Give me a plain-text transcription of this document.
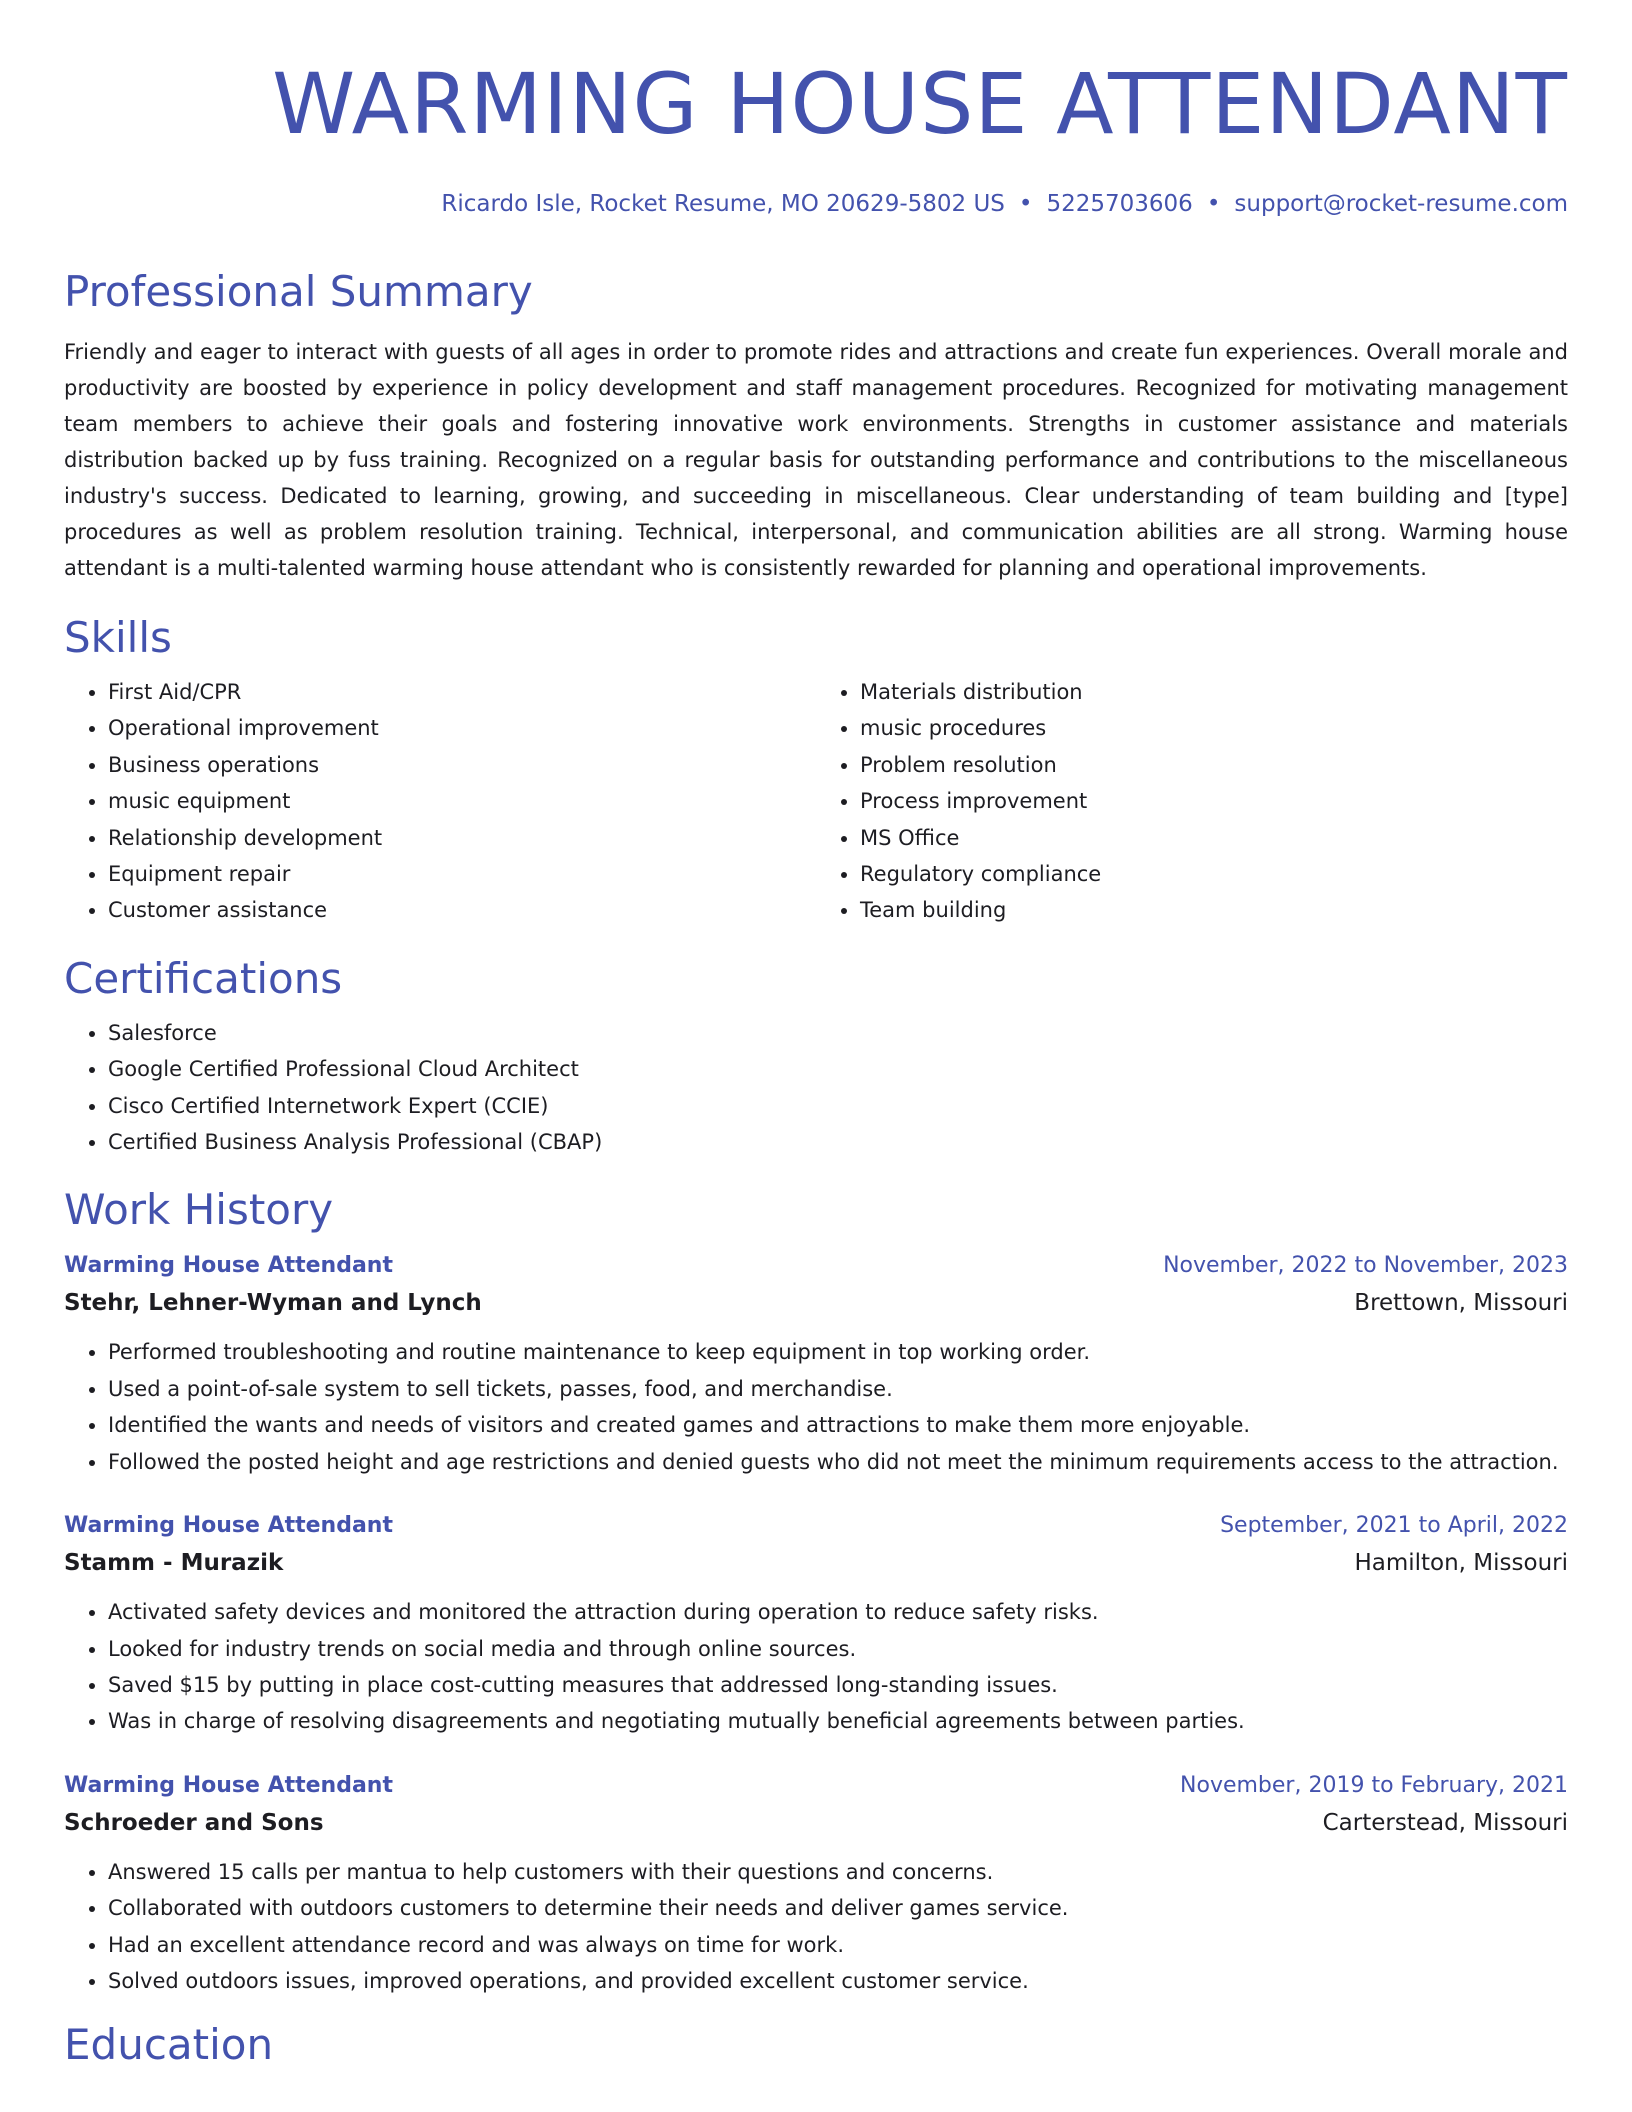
WARMING HOUSE ATTENDANT
Ricardo Isle, Rocket Resume, MO 20629-5802 US • 5225703606 • support@rocket-resume.com
Professional Summary
Friendly and eager to interact with guests of all ages in order to promote rides and attractions and create fun experiences. Overall morale and productivity are boosted by experience in policy development and staff management procedures. Recognized for motivating management team members to achieve their goals and fostering innovative work environments. Strengths in customer assistance and materials distribution backed up by fuss training. Recognized on a regular basis for outstanding performance and contributions to the miscellaneous industry's success. Dedicated to learning, growing, and succeeding in miscellaneous. Clear understanding of team building and [type] procedures as well as problem resolution training. Technical, interpersonal, and communication abilities are all strong. Warming house attendant is a multi-talented warming house attendant who is consistently rewarded for planning and operational improvements.
Skills
• First Aid/CPR
• Operational improvement
• Business operations
• music equipment
• Relationship development
• Equipment repair
• Customer assistance
• Materials distribution
• music procedures
• Problem resolution
• Process improvement
• MS Office
• Regulatory compliance
• Team building
Certifications
• Salesforce
• Google Certified Professional Cloud Architect
• Cisco Certified Internetwork Expert (CCIE)
• Certified Business Analysis Professional (CBAP)
Work History
Warming House Attendant	November, 2022 to November, 2023
Stehr, Lehner-Wyman and Lynch	Brettown, Missouri
• Performed troubleshooting and routine maintenance to keep equipment in top working order.
• Used a point-of-sale system to sell tickets, passes, food, and merchandise.
• Identified the wants and needs of visitors and created games and attractions to make them more enjoyable.
• Followed the posted height and age restrictions and denied guests who did not meet the minimum requirements access to the attraction.
Warming House Attendant	September, 2021 to April, 2022
Stamm - Murazik	Hamilton, Missouri
• Activated safety devices and monitored the attraction during operation to reduce safety risks.
• Looked for industry trends on social media and through online sources.
• Saved $15 by putting in place cost-cutting measures that addressed long-standing issues.
• Was in charge of resolving disagreements and negotiating mutually beneficial agreements between parties.
Warming House Attendant	November, 2019 to February, 2021
Schroeder and Sons	Carterstead, Missouri
• Answered 15 calls per mantua to help customers with their questions and concerns.
• Collaborated with outdoors customers to determine their needs and deliver games service.
• Had an excellent attendance record and was always on time for work.
• Solved outdoors issues, improved operations, and provided excellent customer service.
Education
